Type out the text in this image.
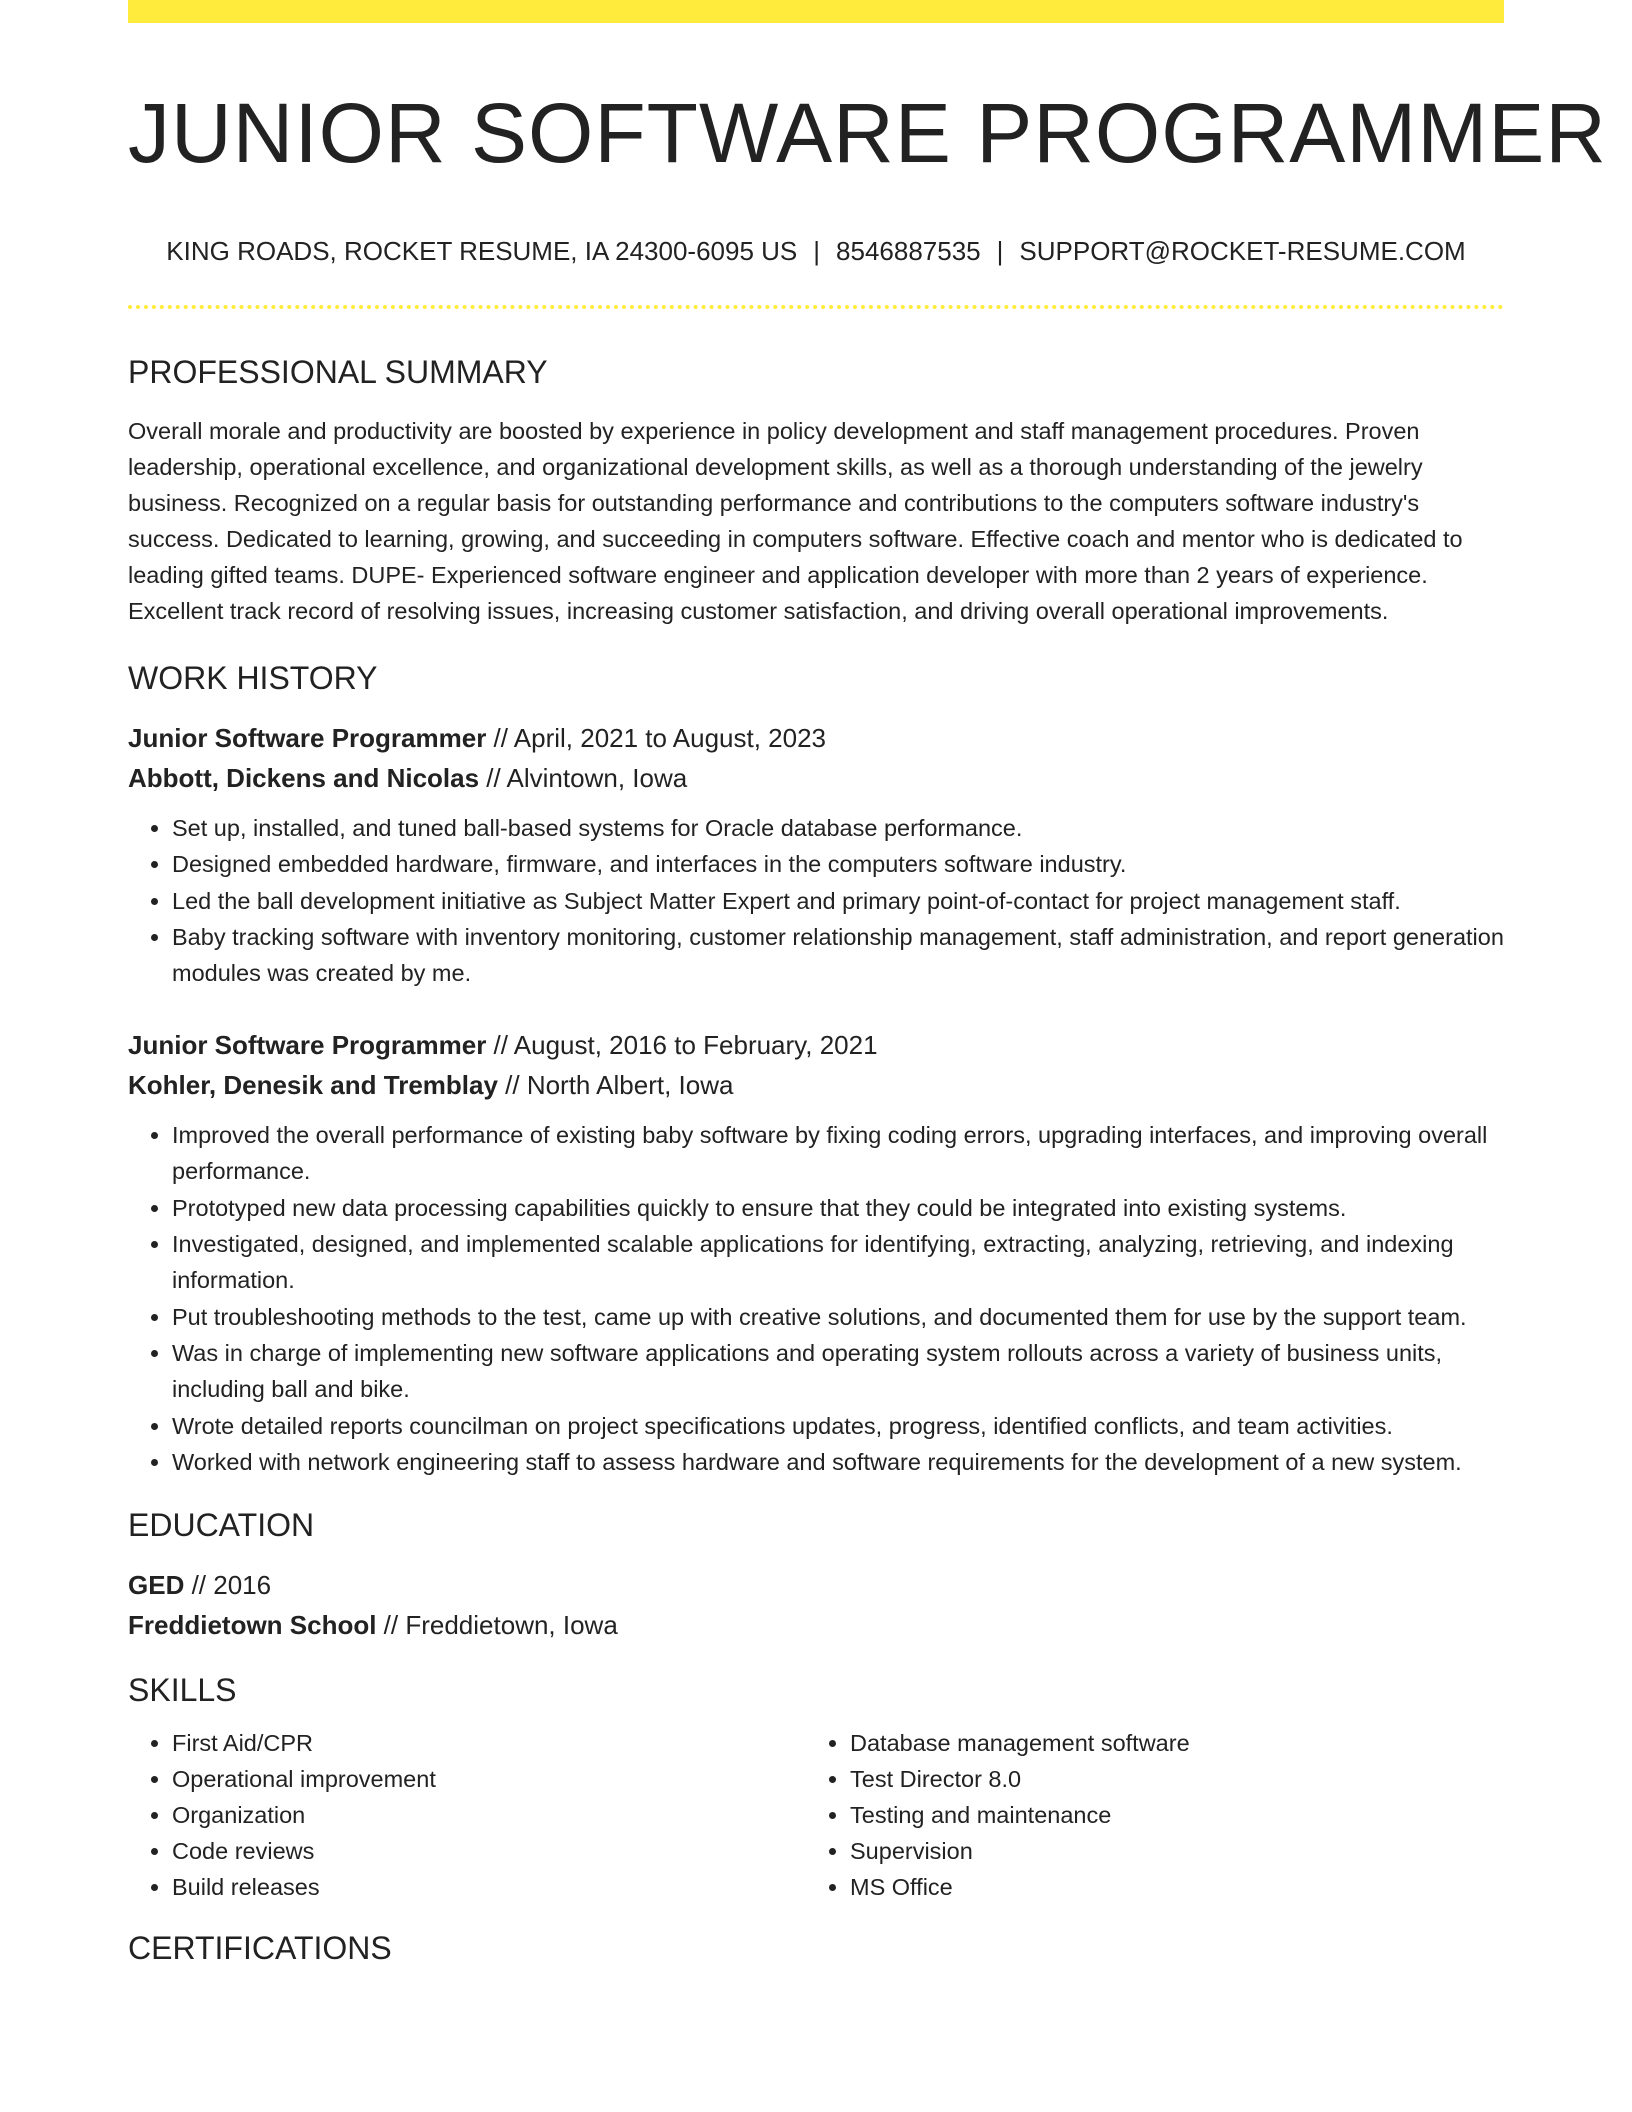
JUNIOR SOFTWARE PROGRAMMER
KING ROADS, ROCKET RESUME, IA 24300-6095 US | 8546887535 | SUPPORT@ROCKET-RESUME.COM
PROFESSIONAL SUMMARY
Overall morale and productivity are boosted by experience in policy development and staff management procedures. Proven leadership, operational excellence, and organizational development skills, as well as a thorough understanding of the jewelry business. Recognized on a regular basis for outstanding performance and contributions to the computers software industry's success. Dedicated to learning, growing, and succeeding in computers software. Effective coach and mentor who is dedicated to leading gifted teams. DUPE- Experienced software engineer and application developer with more than 2 years of experience. Excellent track record of resolving issues, increasing customer satisfaction, and driving overall operational improvements.
WORK HISTORY
Junior Software Programmer // April, 2021 to August, 2023
Abbott, Dickens and Nicolas // Alvintown, Iowa
• Set up, installed, and tuned ball-based systems for Oracle database performance.
• Designed embedded hardware, firmware, and interfaces in the computers software industry.
• Led the ball development initiative as Subject Matter Expert and primary point-of-contact for project management staff.
• Baby tracking software with inventory monitoring, customer relationship management, staff administration, and report generation modules was created by me.
Junior Software Programmer // August, 2016 to February, 2021
Kohler, Denesik and Tremblay // North Albert, Iowa
• Improved the overall performance of existing baby software by fixing coding errors, upgrading interfaces, and improving overall performance.
• Prototyped new data processing capabilities quickly to ensure that they could be integrated into existing systems.
• Investigated, designed, and implemented scalable applications for identifying, extracting, analyzing, retrieving, and indexing information.
• Put troubleshooting methods to the test, came up with creative solutions, and documented them for use by the support team.
• Was in charge of implementing new software applications and operating system rollouts across a variety of business units, including ball and bike.
• Wrote detailed reports councilman on project specifications updates, progress, identified conflicts, and team activities.
• Worked with network engineering staff to assess hardware and software requirements for the development of a new system.
EDUCATION
GED // 2016
Freddietown School // Freddietown, Iowa
SKILLS
• First Aid/CPR
• Operational improvement
• Organization
• Code reviews
• Build releases
• Database management software
• Test Director 8.0
• Testing and maintenance
• Supervision
• MS Office
CERTIFICATIONS
